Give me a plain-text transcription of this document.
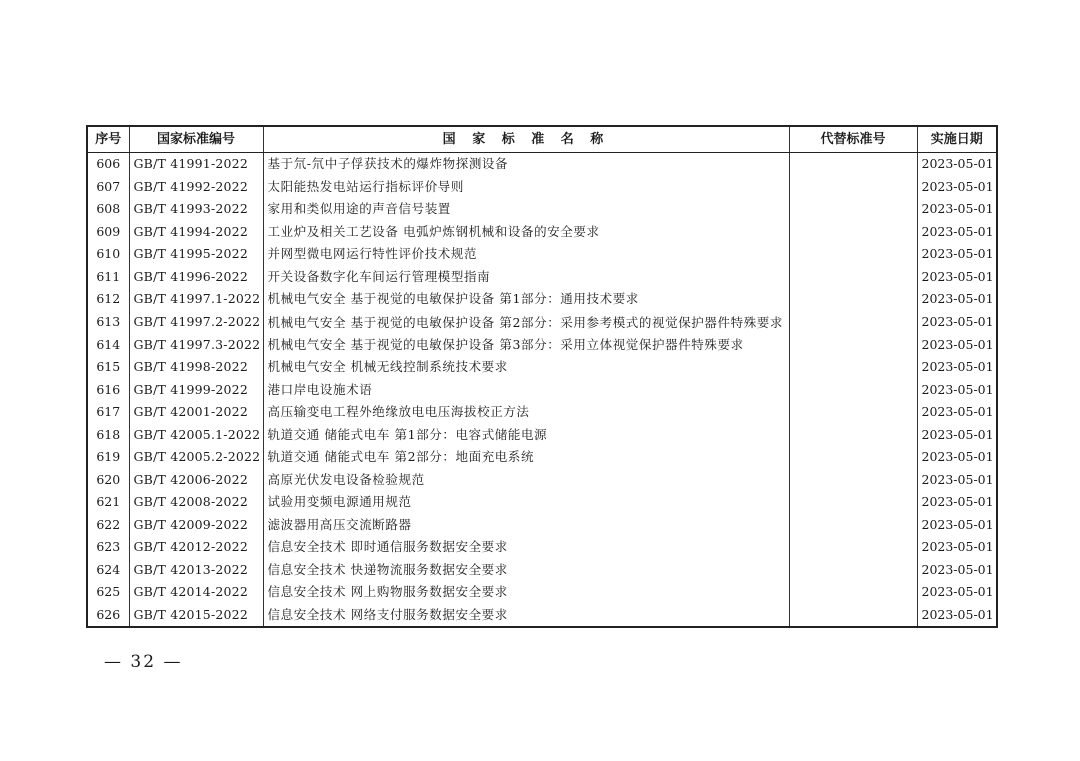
序号	国家标准编号	国 家 标 准 名 称	代替标准号	实施日期
606	GB/T 41991-2022	基于氘-氘中子俘获技术的爆炸物探测设备		2023-05-01
607	GB/T 41992-2022	太阳能热发电站运行指标评价导则		2023-05-01
608	GB/T 41993-2022	家用和类似用途的声音信号装置		2023-05-01
609	GB/T 41994-2022	工业炉及相关工艺设备 电弧炉炼钢机械和设备的安全要求		2023-05-01
610	GB/T 41995-2022	并网型微电网运行特性评价技术规范		2023-05-01
611	GB/T 41996-2022	开关设备数字化车间运行管理模型指南		2023-05-01
612	GB/T 41997.1-2022	机械电气安全 基于视觉的电敏保护设备 第1部分：通用技术要求		2023-05-01
613	GB/T 41997.2-2022	机械电气安全 基于视觉的电敏保护设备 第2部分：采用参考模式的视觉保护器件特殊要求		2023-05-01
614	GB/T 41997.3-2022	机械电气安全 基于视觉的电敏保护设备 第3部分：采用立体视觉保护器件特殊要求		2023-05-01
615	GB/T 41998-2022	机械电气安全 机械无线控制系统技术要求		2023-05-01
616	GB/T 41999-2022	港口岸电设施术语		2023-05-01
617	GB/T 42001-2022	高压输变电工程外绝缘放电电压海拔校正方法		2023-05-01
618	GB/T 42005.1-2022	轨道交通 储能式电车 第1部分：电容式储能电源		2023-05-01
619	GB/T 42005.2-2022	轨道交通 储能式电车 第2部分：地面充电系统		2023-05-01
620	GB/T 42006-2022	高原光伏发电设备检验规范		2023-05-01
621	GB/T 42008-2022	试验用变频电源通用规范		2023-05-01
622	GB/T 42009-2022	滤波器用高压交流断路器		2023-05-01
623	GB/T 42012-2022	信息安全技术 即时通信服务数据安全要求		2023-05-01
624	GB/T 42013-2022	信息安全技术 快递物流服务数据安全要求		2023-05-01
625	GB/T 42014-2022	信息安全技术 网上购物服务数据安全要求		2023-05-01
626	GB/T 42015-2022	信息安全技术 网络支付服务数据安全要求		2023-05-01
— 32 —
